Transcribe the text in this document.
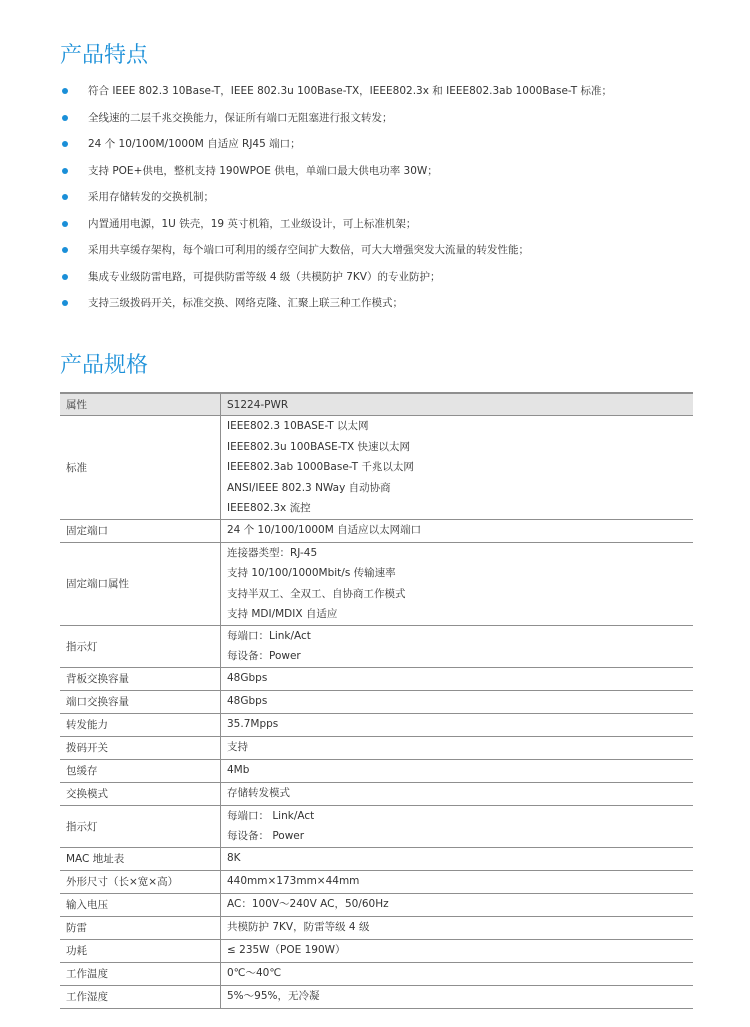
产品特点
符合 IEEE 802.3 10Base-T，IEEE 802.3u 100Base-TX，IEEE802.3x 和 IEEE802.3ab 1000Base-T 标准；
全线速的二层千兆交换能力，保证所有端口无阻塞进行报文转发；
24 个 10/100M/1000M 自适应 RJ45 端口；
支持 POE+供电，整机支持 190WPOE 供电，单端口最大供电功率 30W；
采用存储转发的交换机制；
内置通用电源，1U 铁壳，19 英寸机箱，工业级设计，可上标准机架；
采用共享缓存架构，每个端口可利用的缓存空间扩大数倍，可大大增强突发大流量的转发性能；
集成专业级防雷电路，可提供防雷等级 4 级（共模防护 7KV）的专业防护；
支持三级拨码开关，标准交换、网络克隆、汇聚上联三种工作模式；
产品规格
属性	S1224-PWR
标准	IEEE802.3 10BASE-T 以太网
IEEE802.3u 100BASE-TX 快速以太网
IEEE802.3ab 1000Base-T 千兆以太网
ANSI/IEEE 802.3 NWay 自动协商
IEEE802.3x 流控

固定端口	24 个 10/100/1000M 自适应以太网端口

固定端口属性	连接器类型：RJ-45
支持 10/100/1000Mbit/s 传输速率
支持半双工、全双工、自协商工作模式
支持 MDI/MDIX 自适应

指示灯	每端口：Link/Act
每设备：Power

背板交换容量	48Gbps

端口交换容量	48Gbps

转发能力	35.7Mpps

拨码开关	支持

包缓存	4Mb

交换模式	存储转发模式

指示灯	每端口： Link/Act
每设备： Power

MAC 地址表	8K

外形尺寸（长×宽×高）	440mm×173mm×44mm

输入电压	AC：100V～240V AC，50/60Hz

防雷	共模防护 7KV，防雷等级 4 级

功耗	≤ 235W（POE 190W）

工作温度	0℃～40℃

工作湿度	5%～95%，无冷凝
